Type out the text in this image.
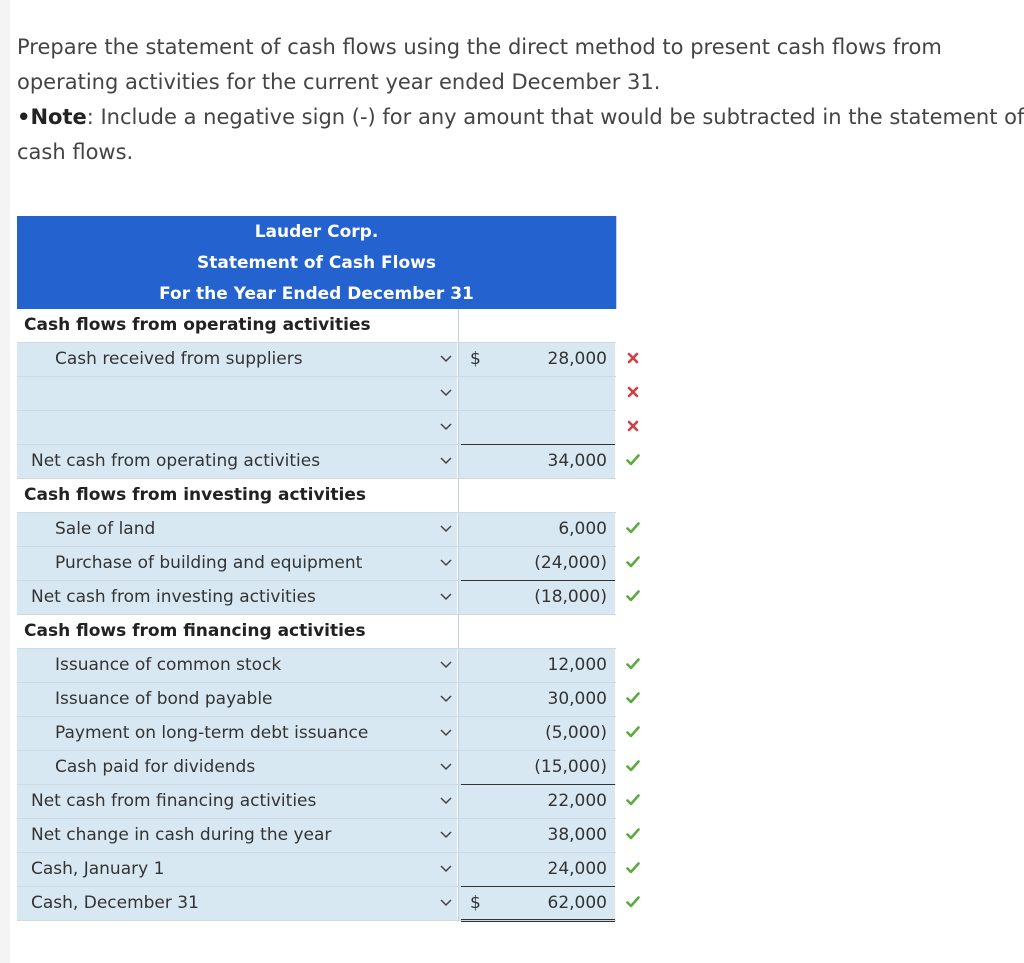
Prepare the statement of cash flows using the direct method to present cash flows from
operating activities for the current year ended December 31.
•Note: Include a negative sign (-) for any amount that would be subtracted in the statement of
cash flows.
Lauder Corp.
Statement of Cash Flows
For the Year Ended December 31
Cash flows from operating activities
Cash received from suppliers	$	28,000
Net cash from operating activities	34,000
Cash flows from investing activities
Sale of land	6,000
Purchase of building and equipment	(24,000)
Net cash from investing activities	(18,000)
Cash flows from financing activities
Issuance of common stock	12,000
Issuance of bond payable	30,000
Payment on long-term debt issuance	(5,000)
Cash paid for dividends	(15,000)
Net cash from financing activities	22,000
Net change in cash during the year	38,000
Cash, January 1	24,000
Cash, December 31	$	62,000
